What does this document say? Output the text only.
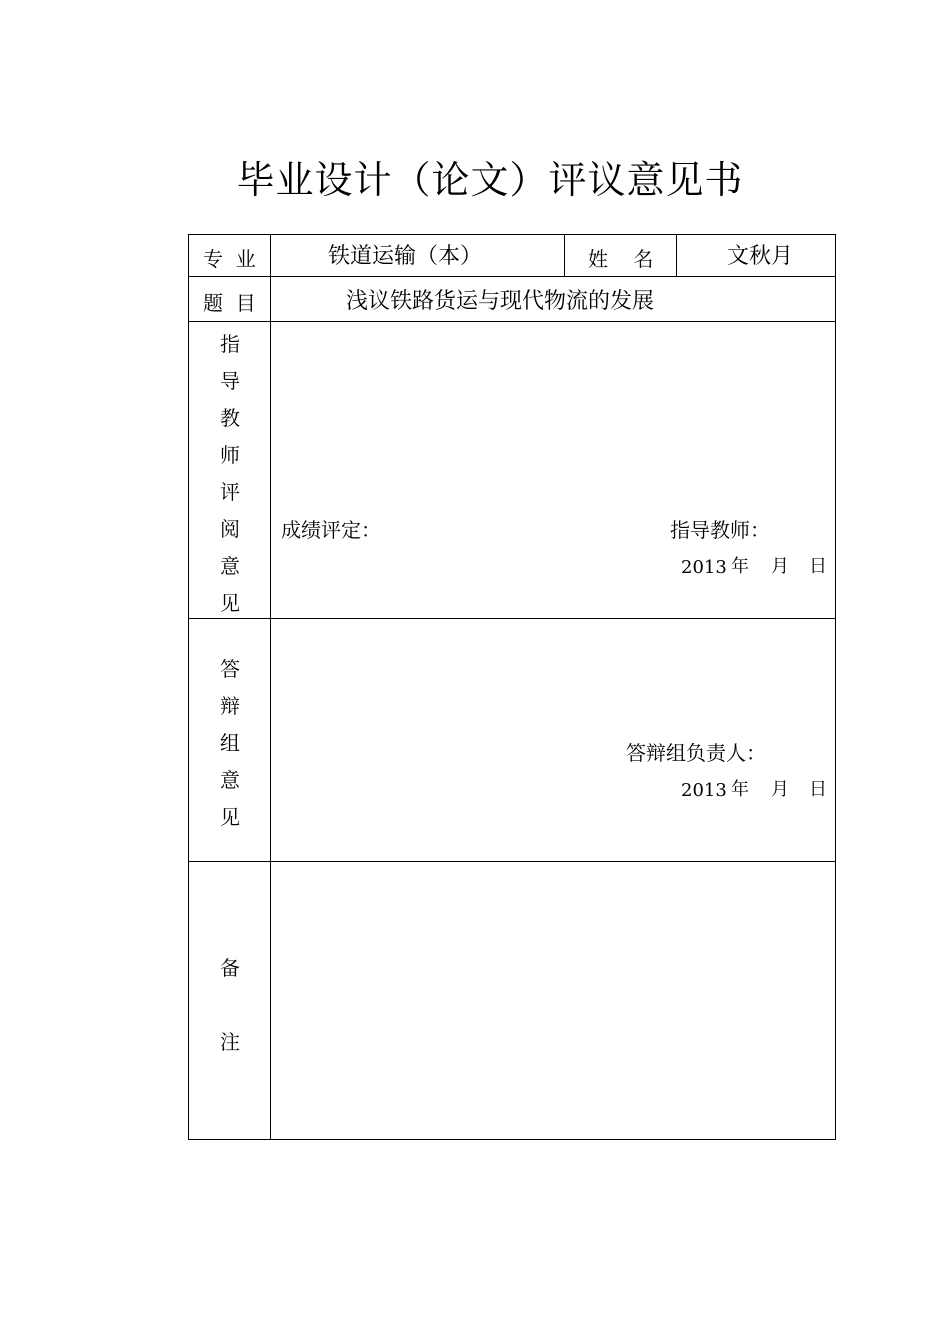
毕业设计（论文）评议意见书
专  业	铁道运输（本）	姓    名	文秋月
题  目	浅议铁路货运与现代物流的发展
指
导
教
师
评
阅
意
见
成绩评定：	指导教师：
2013 年 月 日
答
辩
组
意
见
答辩组负责人：
2013 年 月 日
备
注
